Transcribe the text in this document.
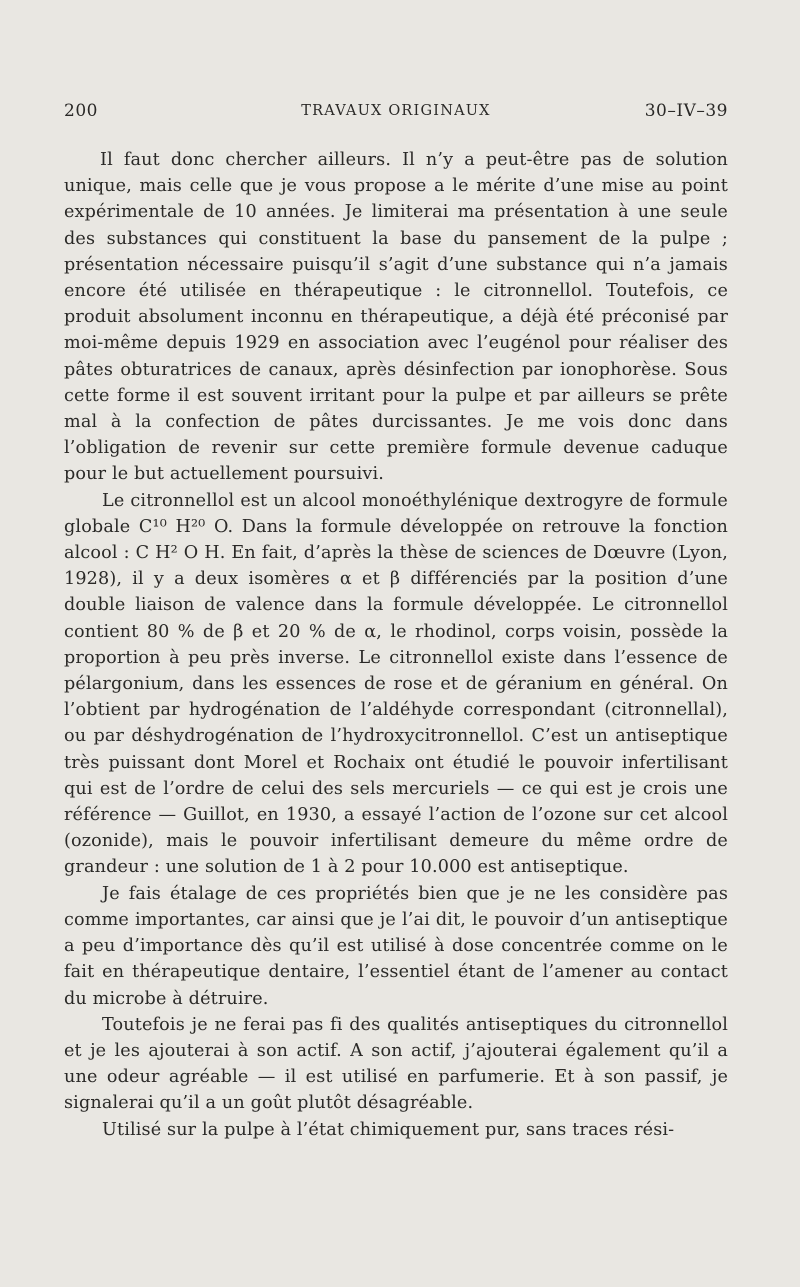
200	TRAVAUX ORIGINAUX	30–IV–39

Il faut donc chercher ailleurs. Il n’y a peut-être pas de solution unique, mais celle que je vous propose a le mérite d’une mise au point expérimentale de 10 années. Je limiterai ma présentation à une seule des substances qui constituent la base du pansement de la pulpe ; présentation nécessaire puisqu’il s’agit d’une substance qui n’a jamais encore été utilisée en thérapeutique : le citronnellol. Toutefois, ce produit absolument inconnu en thérapeutique, a déjà été préconisé par moi-même depuis 1929 en association avec l’eugénol pour réaliser des pâtes obturatrices de canaux, après désinfection par ionophorèse. Sous cette forme il est souvent irritant pour la pulpe et par ailleurs se prête mal à la confection de pâtes durcissantes. Je me vois donc dans l’obligation de revenir sur cette première formule devenue caduque pour le but actuellement poursuivi.

Le citronnellol est un alcool monoéthylénique dextrogyre de formule globale C¹⁰ H²⁰ O. Dans la formule développée on retrouve la fonction alcool : C H² O H. En fait, d’après la thèse de sciences de Dœuvre (Lyon, 1928), il y a deux isomères α et β différenciés par la position d’une double liaison de valence dans la formule développée. Le citronnellol contient 80 % de β et 20 % de α, le rhodinol, corps voisin, possède la proportion à peu près inverse. Le citronnellol existe dans l’essence de pélargonium, dans les essences de rose et de géranium en général. On l’obtient par hydrogénation de l’aldéhyde correspondant (citronnellal), ou par déshydrogénation de l’hydroxycitronnellol. C’est un antiseptique très puissant dont Morel et Rochaix ont étudié le pouvoir infertilisant qui est de l’ordre de celui des sels mercuriels — ce qui est je crois une référence — Guillot, en 1930, a essayé l’action de l’ozone sur cet alcool (ozonide), mais le pouvoir infertilisant demeure du même ordre de grandeur : une solution de 1 à 2 pour 10.000 est antiseptique.

Je fais étalage de ces propriétés bien que je ne les considère pas comme importantes, car ainsi que je l’ai dit, le pouvoir d’un antiseptique a peu d’importance dès qu’il est utilisé à dose concentrée comme on le fait en thérapeutique dentaire, l’essentiel étant de l’amener au contact du microbe à détruire.

Toutefois je ne ferai pas fi des qualités antiseptiques du citronnellol et je les ajouterai à son actif. A son actif, j’ajouterai également qu’il a une odeur agréable — il est utilisé en parfumerie. Et à son passif, je signalerai qu’il a un goût plutôt désagréable.

Utilisé sur la pulpe à l’état chimiquement pur, sans traces rési-
